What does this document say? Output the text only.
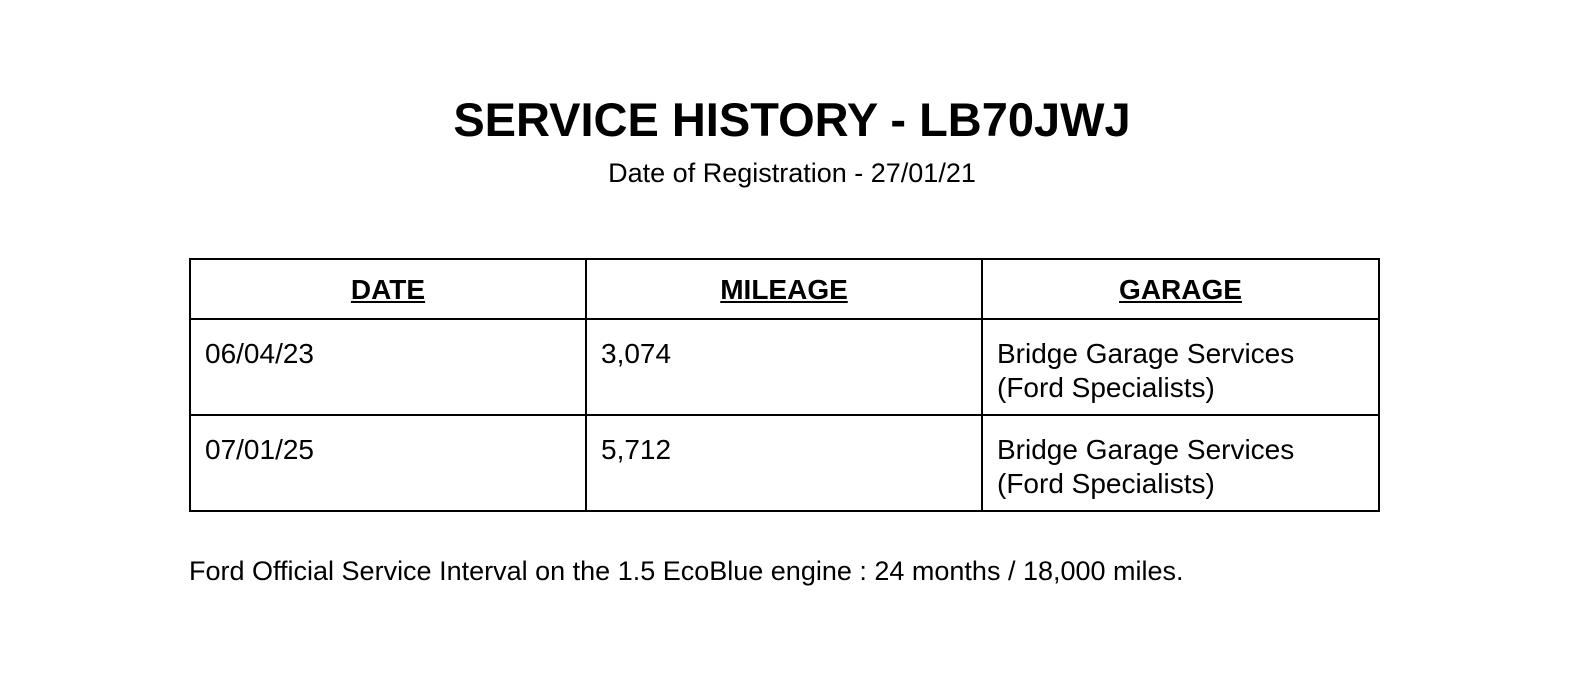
SERVICE HISTORY - LB70JWJ

Date of Registration - 27/01/21

DATE	MILEAGE	GARAGE
06/04/23	3,074	Bridge Garage Services
(Ford Specialists)

07/01/25	5,712	Bridge Garage Services
(Ford Specialists)

Ford Official Service Interval on the 1.5 EcoBlue engine : 24 months / 18,000 miles.
